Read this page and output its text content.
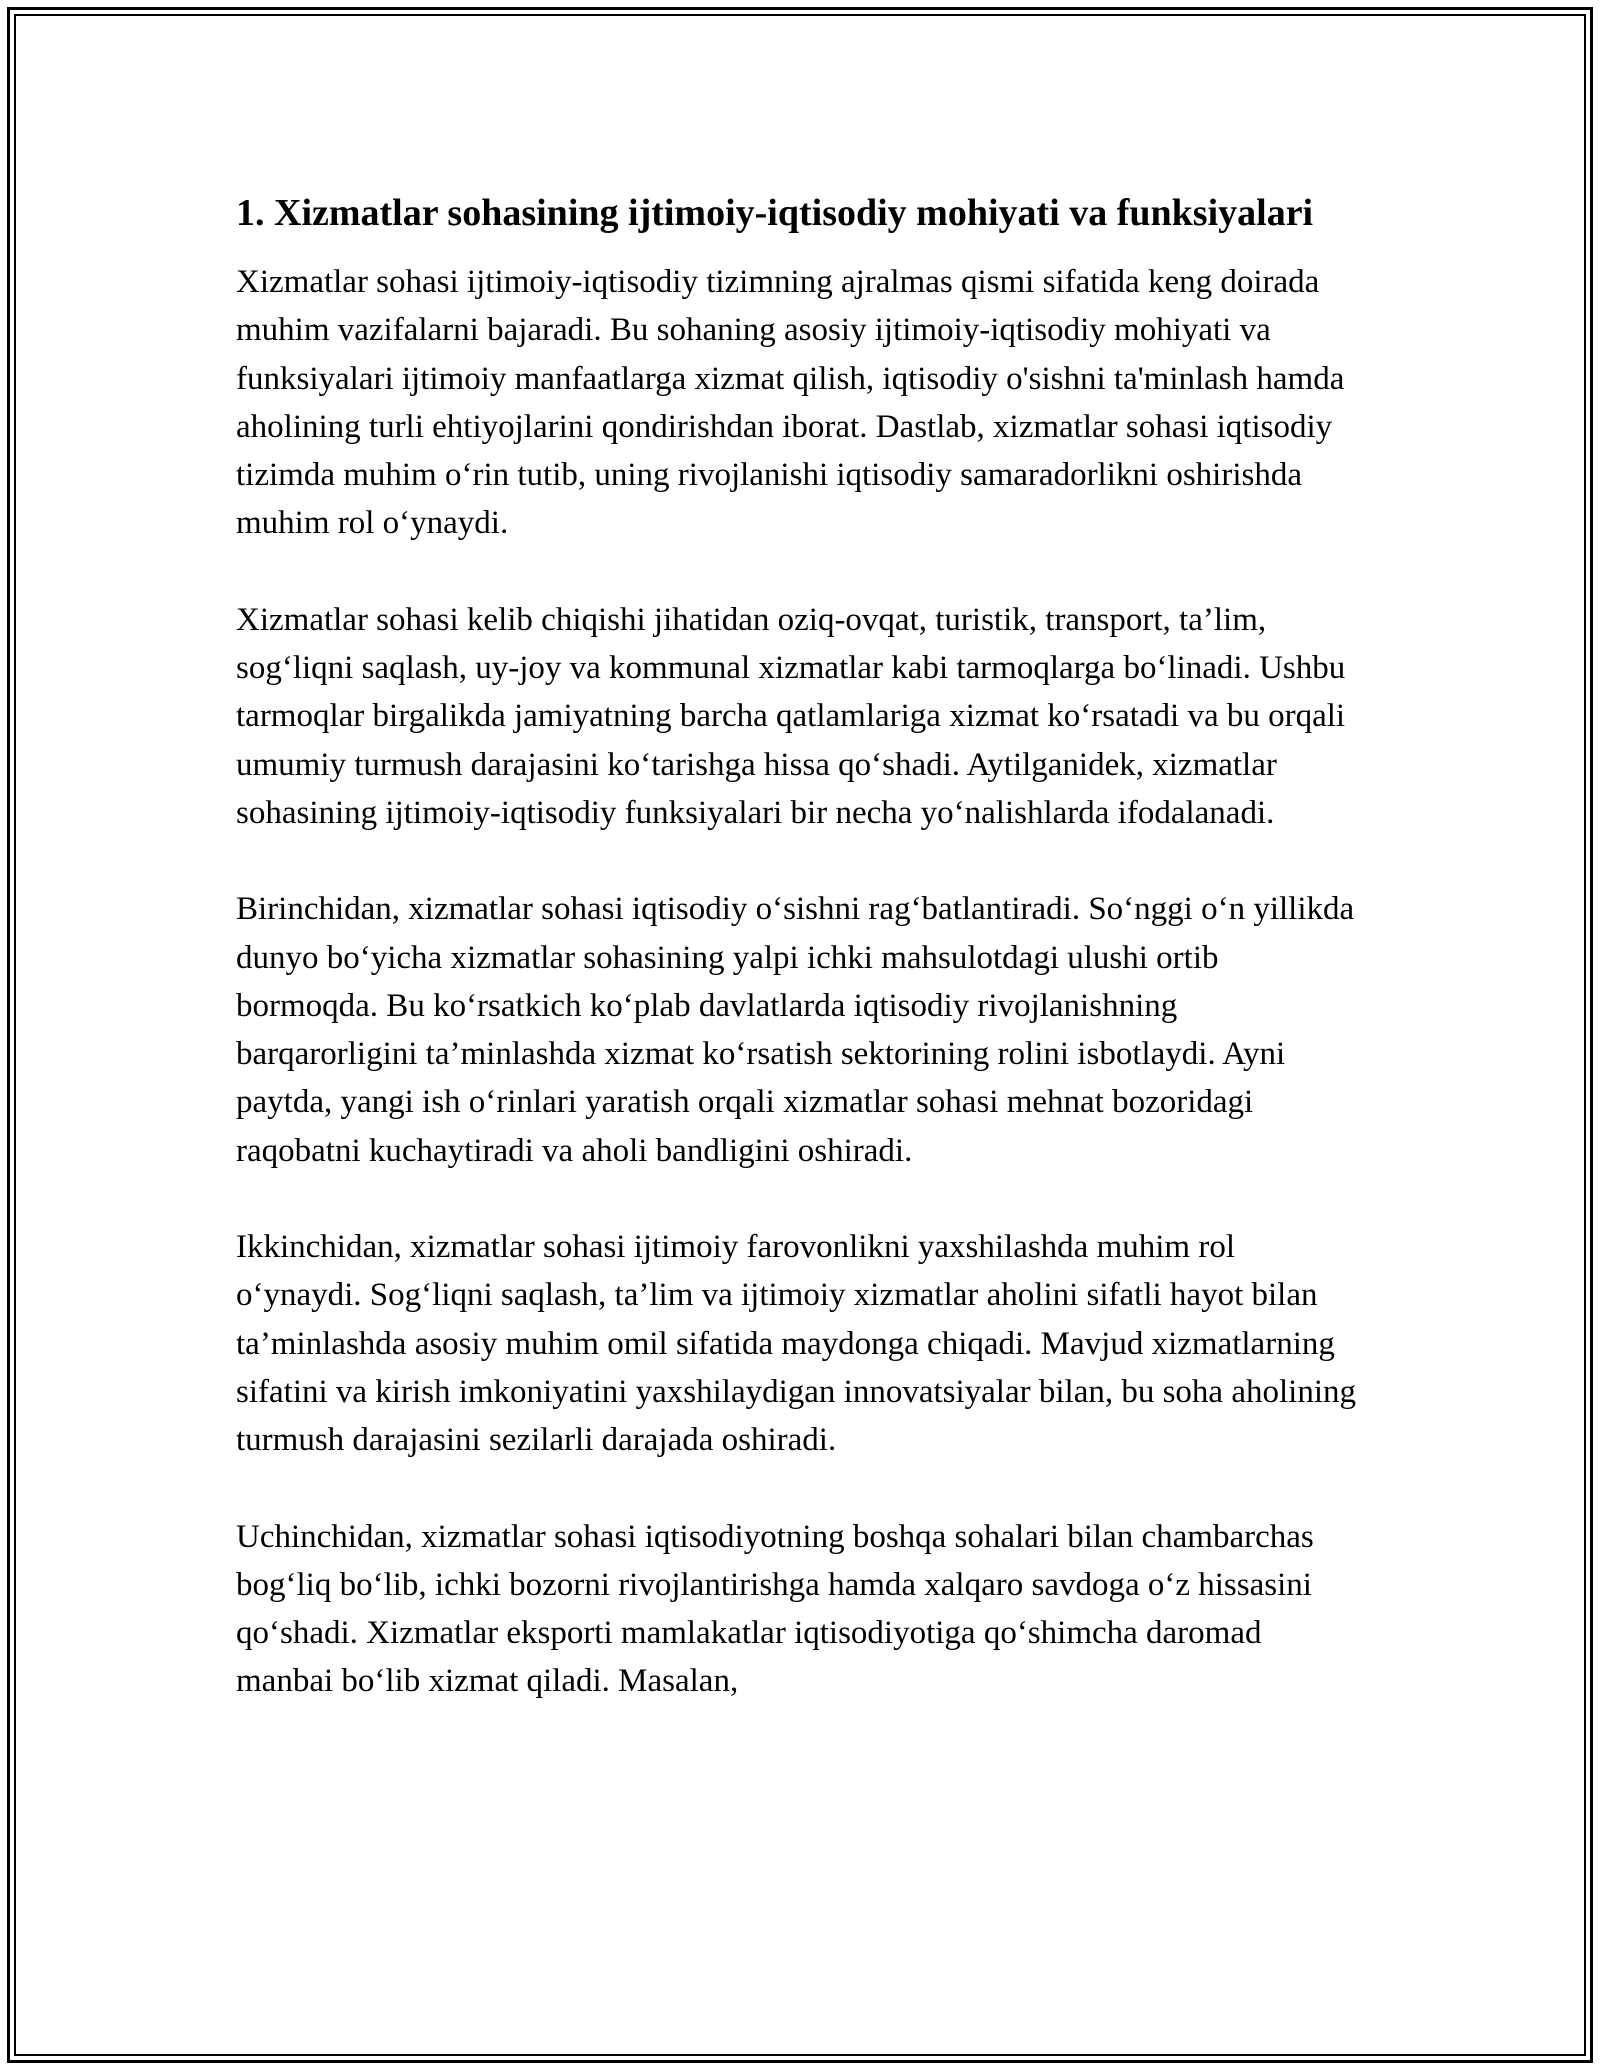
1. Xizmatlar sohasining ijtimoiy-iqtisodiy mohiyati va funksiyalari

Xizmatlar sohasi ijtimoiy-iqtisodiy tizimning ajralmas qismi sifatida keng doirada muhim vazifalarni bajaradi. Bu sohaning asosiy ijtimoiy-iqtisodiy mohiyati va funksiyalari ijtimoiy manfaatlarga xizmat qilish, iqtisodiy o'sishni ta'minlash hamda aholining turli ehtiyojlarini qondirishdan iborat. Dastlab, xizmatlar sohasi iqtisodiy tizimda muhim o‘rin tutib, uning rivojlanishi iqtisodiy samaradorlikni oshirishda muhim rol o‘ynaydi.

Xizmatlar sohasi kelib chiqishi jihatidan oziq-ovqat, turistik, transport, ta’lim, sog‘liqni saqlash, uy-joy va kommunal xizmatlar kabi tarmoqlarga bo‘linadi. Ushbu tarmoqlar birgalikda jamiyatning barcha qatlamlariga xizmat ko‘rsatadi va bu orqali umumiy turmush darajasini ko‘tarishga hissa qo‘shadi. Aytilganidek, xizmatlar sohasining ijtimoiy-iqtisodiy funksiyalari bir necha yo‘nalishlarda ifodalanadi.

Birinchidan, xizmatlar sohasi iqtisodiy o‘sishni rag‘batlantiradi. So‘nggi o‘n yillikda dunyo bo‘yicha xizmatlar sohasining yalpi ichki mahsulotdagi ulushi ortib bormoqda. Bu ko‘rsatkich ko‘plab davlatlarda iqtisodiy rivojlanishning barqarorligini ta’minlashda xizmat ko‘rsatish sektorining rolini isbotlaydi. Ayni paytda, yangi ish o‘rinlari yaratish orqali xizmatlar sohasi mehnat bozoridagi raqobatni kuchaytiradi va aholi bandligini oshiradi.

Ikkinchidan, xizmatlar sohasi ijtimoiy farovonlikni yaxshilashda muhim rol o‘ynaydi. Sog‘liqni saqlash, ta’lim va ijtimoiy xizmatlar aholini sifatli hayot bilan ta’minlashda asosiy muhim omil sifatida maydonga chiqadi. Mavjud xizmatlarning sifatini va kirish imkoniyatini yaxshilaydigan innovatsiyalar bilan, bu soha aholining turmush darajasini sezilarli darajada oshiradi.

Uchinchidan, xizmatlar sohasi iqtisodiyotning boshqa sohalari bilan chambarchas bog‘liq bo‘lib, ichki bozorni rivojlantirishga hamda xalqaro savdoga o‘z hissasini qo‘shadi. Xizmatlar eksporti mamlakatlar iqtisodiyotiga qo‘shimcha daromad manbai bo‘lib xizmat qiladi. Masalan,
